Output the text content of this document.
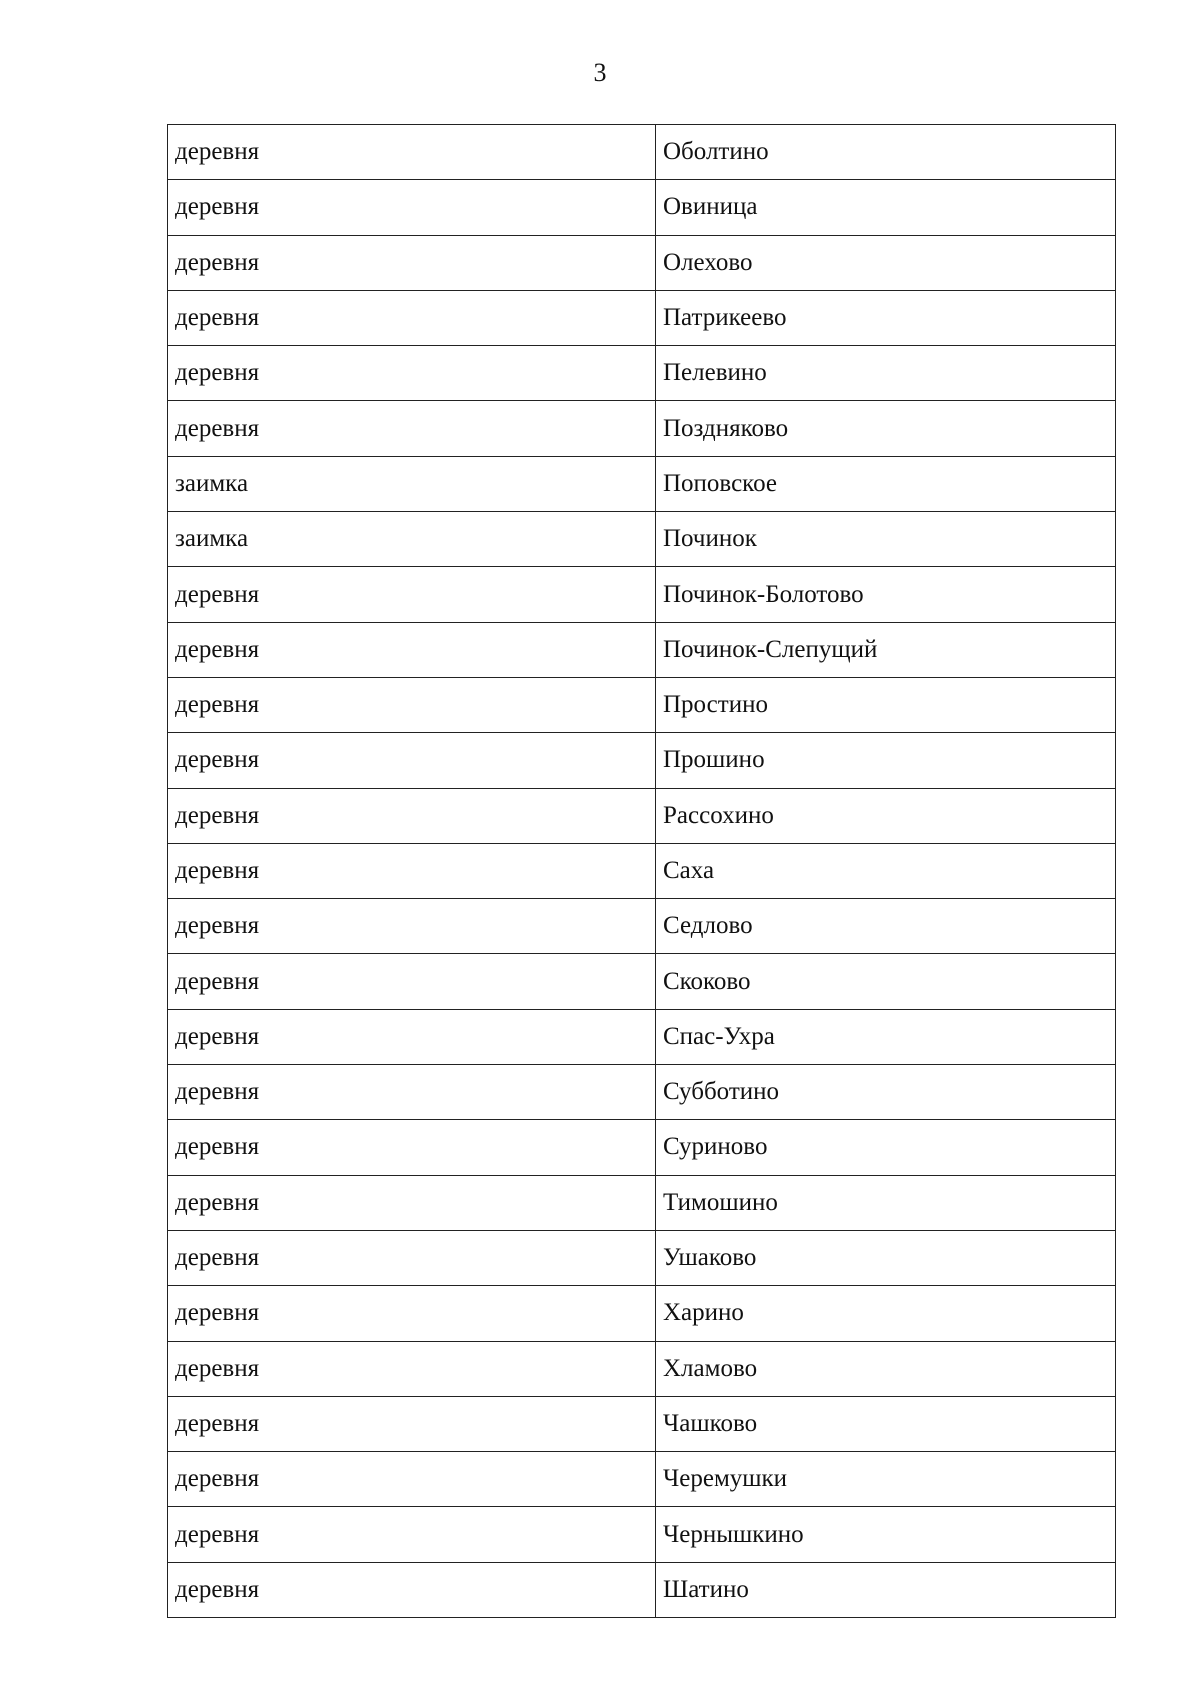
3
деревня	Оболтино
деревня	Овиница
деревня	Олехово
деревня	Патрикеево
деревня	Пелевино
деревня	Поздняково
заимка	Поповское
заимка	Починок
деревня	Починок-Болотово
деревня	Починок-Слепущий
деревня	Простино
деревня	Прошино
деревня	Рассохино
деревня	Саха
деревня	Седлово
деревня	Скоково
деревня	Спас-Ухра
деревня	Субботино
деревня	Суриново
деревня	Тимошино
деревня	Ушаково
деревня	Харино
деревня	Хламово
деревня	Чашково
деревня	Черемушки
деревня	Чернышкино
деревня	Шатино
